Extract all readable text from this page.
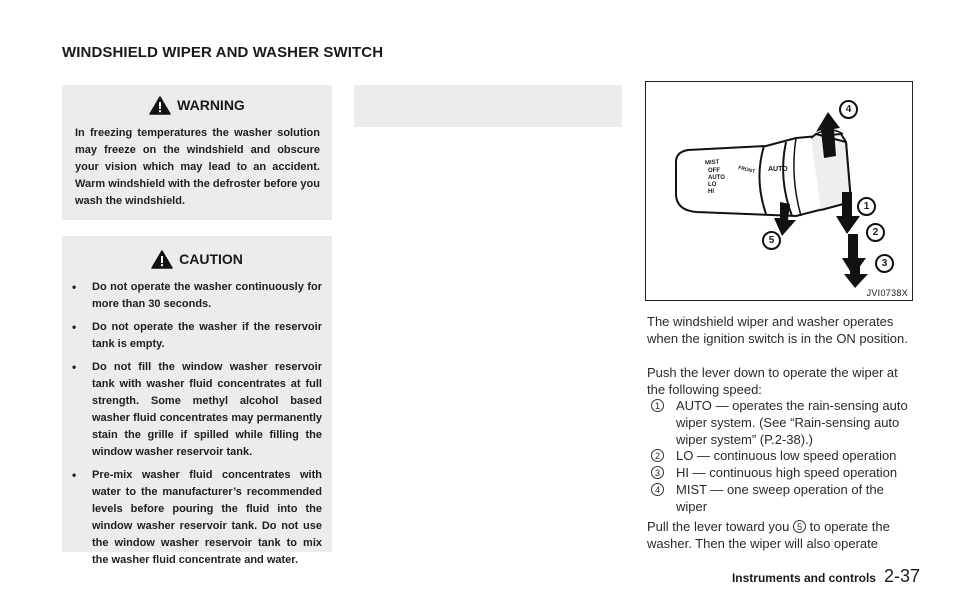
WINDSHIELD WIPER AND WASHER SWITCH
WARNING
In freezing temperatures the washer solution may freeze on the windshield and obscure your vision which may lead to an accident. Warm windshield with the defroster before you wash the windshield.
CAUTION
• Do not operate the washer continuously for more than 30 seconds.
• Do not operate the washer if the reservoir tank is empty.
• Do not fill the window washer reservoir tank with washer fluid concentrates at full strength. Some methyl alcohol based washer fluid concentrates may permanently stain the grille if spilled while filling the window washer reservoir tank.
• Pre-mix washer fluid concentrates with water to the manufacturer’s recommended levels before pouring the fluid into the window washer reservoir tank. Do not use the window washer reservoir tank to mix the washer fluid concentrate and water.
MIST
OFF
AUTO
LO
HI
AUTO
FRONT
1
2
3
4
5
JVI0738X
The windshield wiper and washer operates when the ignition switch is in the ON position.
Push the lever down to operate the wiper at the following speed:
1	AUTO — operates the rain-sensing auto wiper system. (See “Rain-sensing auto wiper system” (P.2-38).)
2	LO — continuous low speed operation
3	HI — continuous high speed operation
4	MIST — one sweep operation of the wiper
Pull the lever toward you 5 to operate the washer. Then the wiper will also operate
Instruments and controls 2-37
